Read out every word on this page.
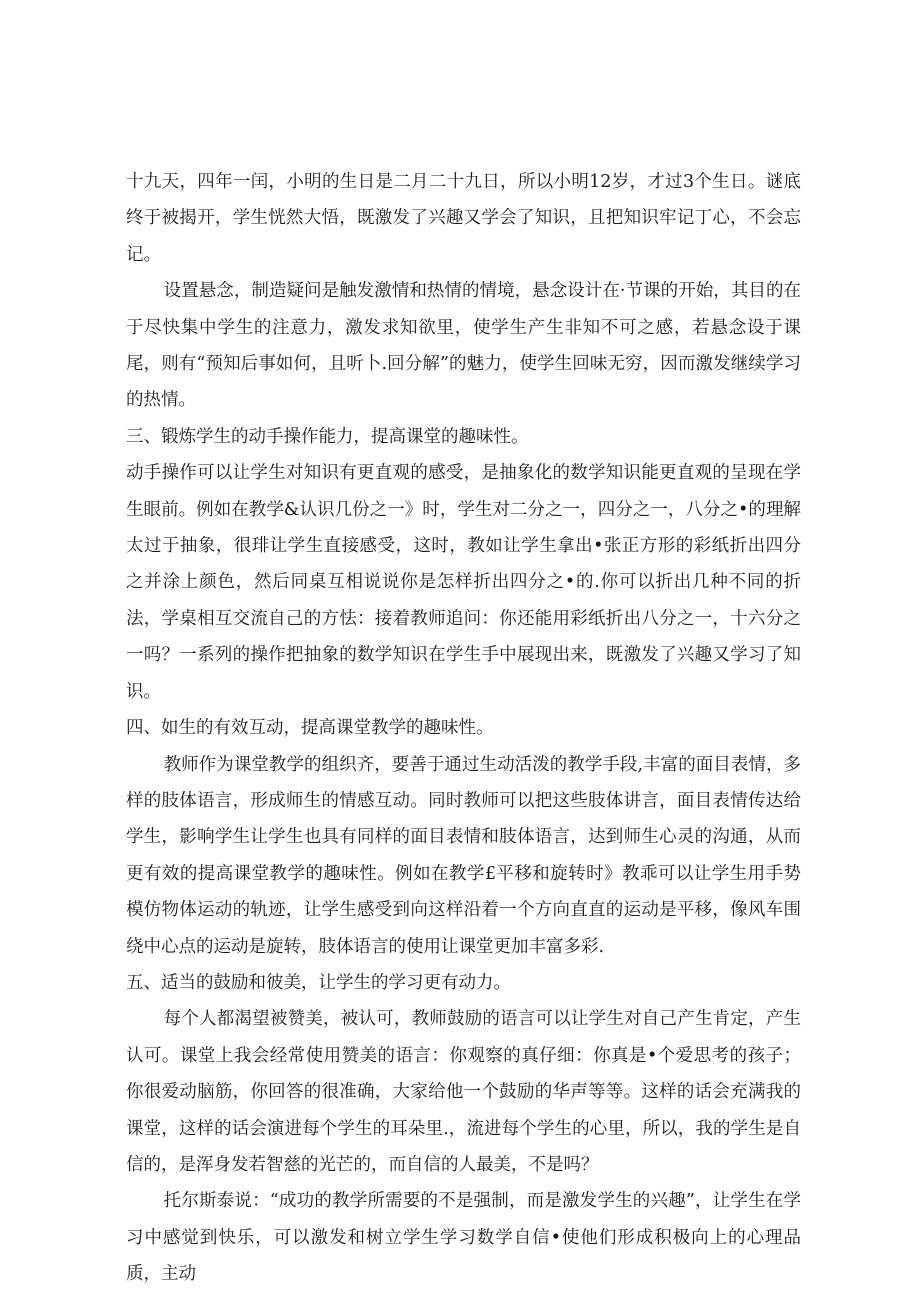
十九天，四年一闰，小明的生日是二月二十九日，所以小明12岁，才过3个生日。谜底终于被揭开，学生恍然大悟，既激发了兴趣又学会了知识，且把知识牢记丁心，不会忘记。

设置悬念，制造疑问是触发激情和热情的情境，悬念设计在·节课的开始，其目的在于尽快集中学生的注意力，激发求知欲里，使学生产生非知不可之感，若悬念设于课尾，则有“预知后事如何，且听卜.回分解”的魅力，使学生回味无穷，因而激发继续学习的热情。

三、锻炼学生的动手操作能力，提高课堂的趣味性。

动手操作可以让学生对知识有更直观的感受，是抽象化的数学知识能更直观的呈现在学生眼前。例如在教学&认识几份之一》时，学生对二分之一，四分之一，八分之•的理解太过于抽象，很琲让学生直接感受，这时，教如让学生拿出•张正方形的彩纸折出四分之并涂上颜色，然后同桌互相说说你是怎样折出四分之•的.你可以折出几种不同的折法，学桌相互交流自己的方怯：接着教师追问：你还能用彩纸折出八分之一，十六分之一吗？一系列的操作把抽象的数学知识在学生手中展现出来，既激发了兴趣又学习了知识。

四、如生的有效互动，提高课堂教学的趣味性。

教师作为课堂教学的组织齐，要善于通过生动活泼的教学手段,丰富的面目表情，多样的肢体语言，形成师生的情感互动。同时教师可以把这些肢体讲言，面目表情传达给学生，影响学生让学生也具有同样的面目表情和肢体语言，达到师生心灵的沟通，从而更有效的提高课堂教学的趣味性。例如在教学£平移和旋转时》教乖可以让学生用手势模仿物体运动的轨迹，让学生感受到向这样沿着一个方向直直的运动是平移，像风车围绕中心点的运动是旋转，肢体语言的使用让课堂更加丰富多彩.

五、适当的鼓励和彼美，让学生的学习更有动力。

每个人都渴望被赞美，被认可，教师鼓励的语言可以让学生对自己产生肯定，产生认可。课堂上我会经常使用赞美的语言：你观察的真仔细：你真是•个爱思考的孩子；你很爱动脑筋，你回答的很准确，大家给他一个鼓励的华声等等。这样的话会充满我的课堂，这样的话会演进每个学生的耳朵里.，流进每个学生的心里，所以，我的学生是自信的，是浑身发若智慈的光芒的，而自信的人最美，不是吗？

托尔斯泰说：“成功的教学所需要的不是强制，而是激发学生的兴趣”，让学生在学习中感觉到快乐，可以激发和树立学生学习数学自信•使他们形成积极向上的心理品质，主动
